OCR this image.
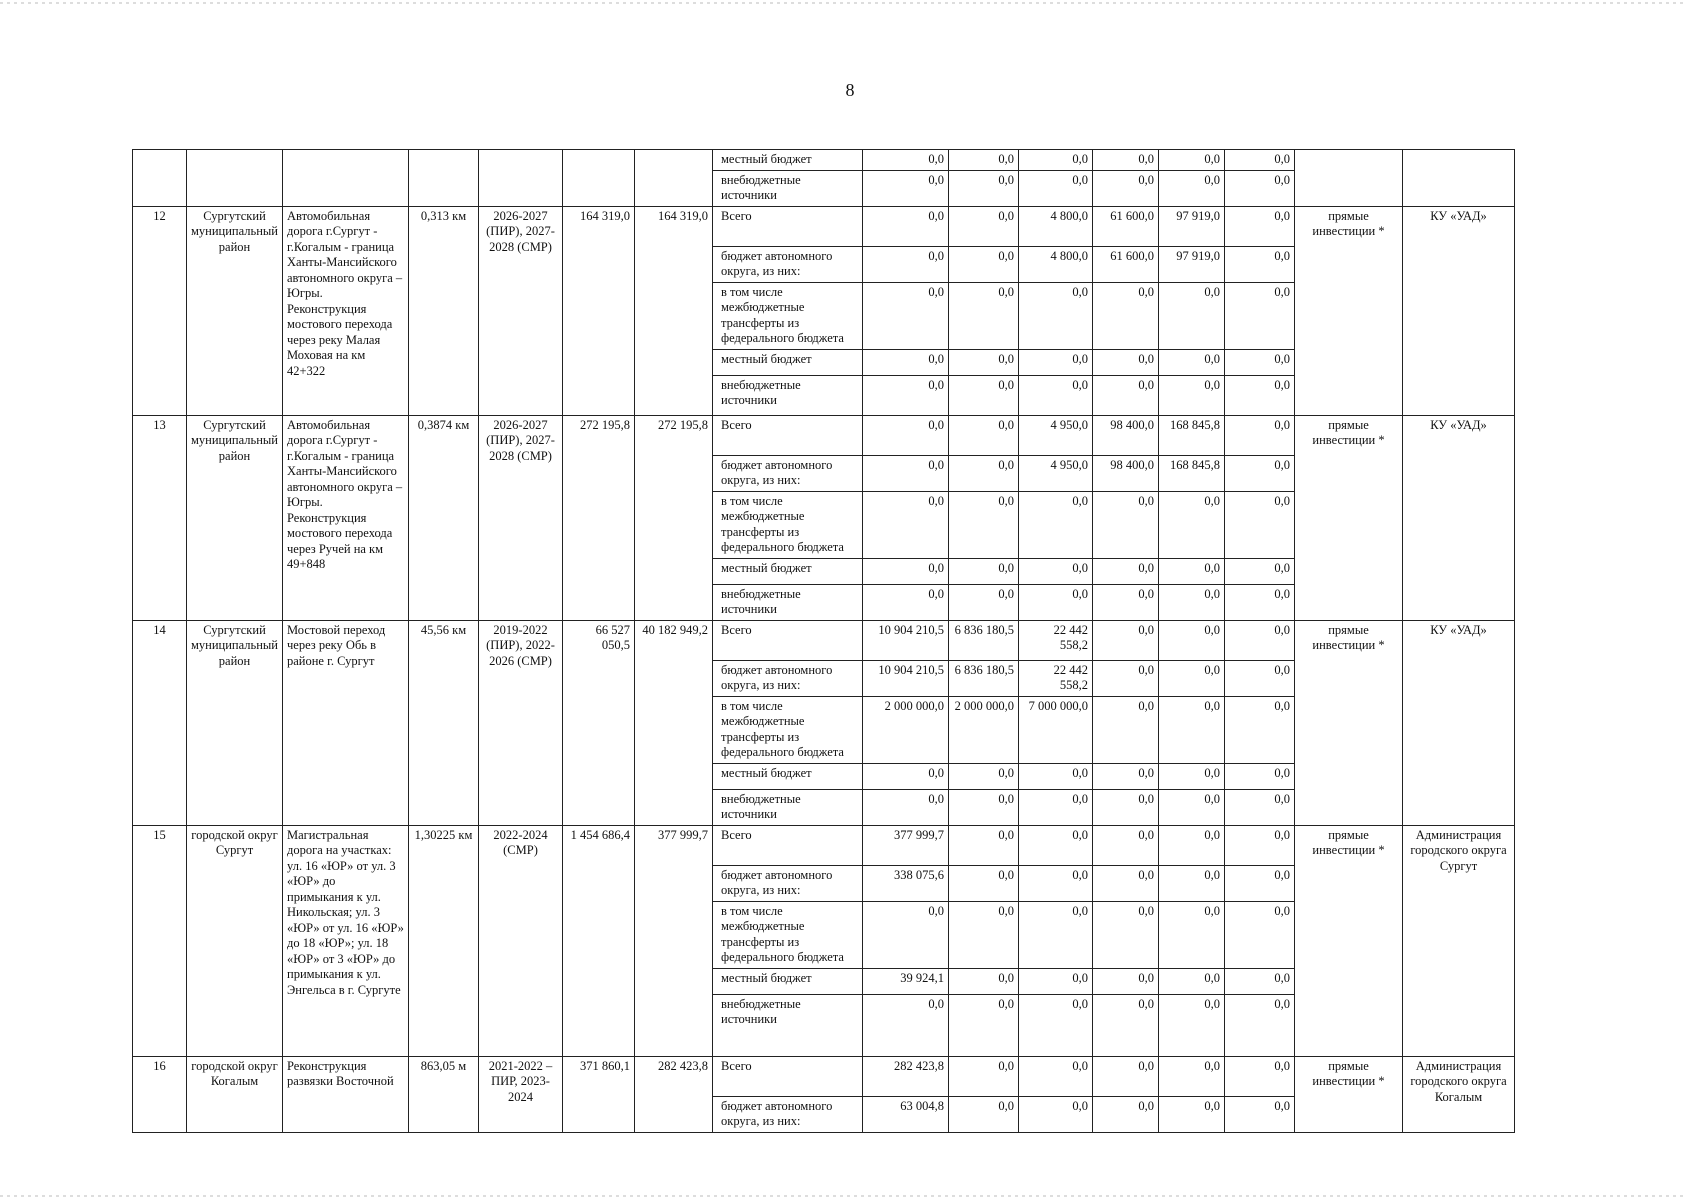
8
							местный бюджет	0,0	0,0	0,0	0,0	0,0	0,0		
							внебюджетные источники	0,0	0,0	0,0	0,0	0,0	0,0		
12	Сургутский муниципальный район	Автомобильная дорога г.Сургут - г.Когалым - граница Ханты-Мансийского автономного округа – Югры. Реконструкция мостового перехода через реку Малая Моховая на км 42+322	0,313 км	2026-2027 (ПИР), 2027-2028 (СМР)	164 319,0	164 319,0	Всего	0,0	0,0	4 800,0	61 600,0	97 919,0	0,0	прямые инвестиции *	КУ «УАД»
							бюджет автономного округа, из них:	0,0	0,0	4 800,0	61 600,0	97 919,0	0,0		
							в том числе межбюджетные трансферты из федерального бюджета	0,0	0,0	0,0	0,0	0,0	0,0		
							местный бюджет	0,0	0,0	0,0	0,0	0,0	0,0		
							внебюджетные источники	0,0	0,0	0,0	0,0	0,0	0,0		
13	Сургутский муниципальный район	Автомобильная дорога г.Сургут - г.Когалым - граница Ханты-Мансийского автономного округа – Югры. Реконструкция мостового перехода через Ручей на км 49+848	0,3874 км	2026-2027 (ПИР), 2027-2028 (СМР)	272 195,8	272 195,8	Всего	0,0	0,0	4 950,0	98 400,0	168 845,8	0,0	прямые инвестиции *	КУ «УАД»
							бюджет автономного округа, из них:	0,0	0,0	4 950,0	98 400,0	168 845,8	0,0		
							в том числе межбюджетные трансферты из федерального бюджета	0,0	0,0	0,0	0,0	0,0	0,0		
							местный бюджет	0,0	0,0	0,0	0,0	0,0	0,0		
							внебюджетные источники	0,0	0,0	0,0	0,0	0,0	0,0		
14	Сургутский муниципальный район	Мостовой переход через реку Обь в районе г. Сургут	45,56 км	2019-2022 (ПИР), 2022-2026 (СМР)	66 527 050,5	40 182 949,2	Всего	10 904 210,5	6 836 180,5	22 442 558,2	0,0	0,0	0,0	прямые инвестиции *	КУ «УАД»
							бюджет автономного округа, из них:	10 904 210,5	6 836 180,5	22 442 558,2	0,0	0,0	0,0		
							в том числе межбюджетные трансферты из федерального бюджета	2 000 000,0	2 000 000,0	7 000 000,0	0,0	0,0	0,0		
							местный бюджет	0,0	0,0	0,0	0,0	0,0	0,0		
							внебюджетные источники	0,0	0,0	0,0	0,0	0,0	0,0		
15	городской округ Сургут	Магистральная дорога на участках: ул. 16 «ЮР» от ул. 3 «ЮР» до примыкания к ул. Никольская; ул. 3 «ЮР» от ул. 16 «ЮР» до 18 «ЮР»; ул. 18 «ЮР» от 3 «ЮР» до примыкания к ул. Энгельса в г. Сургуте	1,30225 км	2022-2024 (СМР)	1 454 686,4	377 999,7	Всего	377 999,7	0,0	0,0	0,0	0,0	0,0	прямые инвестиции *	Администрация городского округа Сургут
							бюджет автономного округа, из них:	338 075,6	0,0	0,0	0,0	0,0	0,0		
							в том числе межбюджетные трансферты из федерального бюджета	0,0	0,0	0,0	0,0	0,0	0,0		
							местный бюджет	39 924,1	0,0	0,0	0,0	0,0	0,0		
							внебюджетные источники	0,0	0,0	0,0	0,0	0,0	0,0		
16	городской округ Когалым	Реконструкция развязки Восточной	863,05 м	2021-2022 – ПИР, 2023-2024	371 860,1	282 423,8	Всего	282 423,8	0,0	0,0	0,0	0,0	0,0	прямые инвестиции *	Администрация городского округа Когалым
							бюджет автономного округа, из них:	63 004,8	0,0	0,0	0,0	0,0	0,0		
